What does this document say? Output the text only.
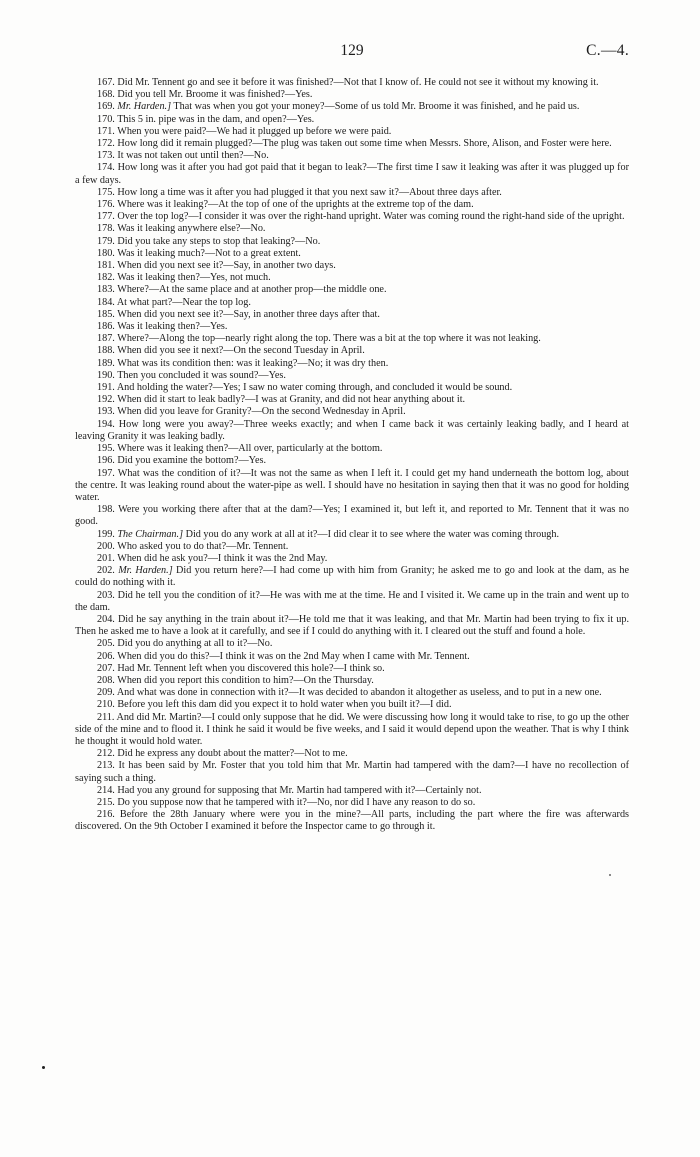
129	C.—4.

167. Did Mr. Tennent go and see it before it was finished?—Not that I know of. He could not see it without my knowing it.

168. Did you tell Mr. Broome it was finished?—Yes.

169. Mr. Harden.] That was when you got your money?—Some of us told Mr. Broome it was finished, and he paid us.

170. This 5 in. pipe was in the dam, and open?—Yes.

171. When you were paid?—We had it plugged up before we were paid.

172. How long did it remain plugged?—The plug was taken out some time when Messrs. Shore, Alison, and Foster were here.

173. It was not taken out until then?—No.

174. How long was it after you had got paid that it began to leak?—The first time I saw it leaking was after it was plugged up for a few days.

175. How long a time was it after you had plugged it that you next saw it?—About three days after.

176. Where was it leaking?—At the top of one of the uprights at the extreme top of the dam.

177. Over the top log?—I consider it was over the right-hand upright. Water was coming round the right-hand side of the upright.

178. Was it leaking anywhere else?—No.

179. Did you take any steps to stop that leaking?—No.

180. Was it leaking much?—Not to a great extent.

181. When did you next see it?—Say, in another two days.

182. Was it leaking then?—Yes, not much.

183. Where?—At the same place and at another prop—the middle one.

184. At what part?—Near the top log.

185. When did you next see it?—Say, in another three days after that.

186. Was it leaking then?—Yes.

187. Where?—Along the top—nearly right along the top. There was a bit at the top where it was not leaking.

188. When did you see it next?—On the second Tuesday in April.

189. What was its condition then: was it leaking?—No; it was dry then.

190. Then you concluded it was sound?—Yes.

191. And holding the water?—Yes; I saw no water coming through, and concluded it would be sound.

192. When did it start to leak badly?—I was at Granity, and did not hear anything about it.

193. When did you leave for Granity?—On the second Wednesday in April.

194. How long were you away?—Three weeks exactly; and when I came back it was certainly leaking badly, and I heard at leaving Granity it was leaking badly.

195. Where was it leaking then?—All over, particularly at the bottom.

196. Did you examine the bottom?—Yes.

197. What was the condition of it?—It was not the same as when I left it. I could get my hand underneath the bottom log, about the centre. It was leaking round about the water-pipe as well. I should have no hesitation in saying then that it was no good for holding water.

198. Were you working there after that at the dam?—Yes; I examined it, but left it, and reported to Mr. Tennent that it was no good.

199. The Chairman.] Did you do any work at all at it?—I did clear it to see where the water was coming through.

200. Who asked you to do that?—Mr. Tennent.

201. When did he ask you?—I think it was the 2nd May.

202. Mr. Harden.] Did you return here?—I had come up with him from Granity; he asked me to go and look at the dam, as he could do nothing with it.

203. Did he tell you the condition of it?—He was with me at the time. He and I visited it. We came up in the train and went up to the dam.

204. Did he say anything in the train about it?—He told me that it was leaking, and that Mr. Martin had been trying to fix it up. Then he asked me to have a look at it carefully, and see if I could do anything with it. I cleared out the stuff and found a hole.

205. Did you do anything at all to it?—No.

206. When did you do this?—I think it was on the 2nd May when I came with Mr. Tennent.

207. Had Mr. Tennent left when you discovered this hole?—I think so.

208. When did you report this condition to him?—On the Thursday.

209. And what was done in connection with it?—It was decided to abandon it altogether as useless, and to put in a new one.

210. Before you left this dam did you expect it to hold water when you built it?—I did.

211. And did Mr. Martin?—I could only suppose that he did. We were discussing how long it would take to rise, to go up the other side of the mine and to flood it. I think he said it would be five weeks, and I said it would depend upon the weather. That is why I think he thought it would hold water.

212. Did he express any doubt about the matter?—Not to me.

213. It has been said by Mr. Foster that you told him that Mr. Martin had tampered with the dam?—I have no recollection of saying such a thing.

214. Had you any ground for supposing that Mr. Martin had tampered with it?—Certainly not.

215. Do you suppose now that he tampered with it?—No, nor did I have any reason to do so.

216. Before the 28th January where were you in the mine?—All parts, including the part where the fire was afterwards discovered. On the 9th October I examined it before the Inspector came to go through it.
